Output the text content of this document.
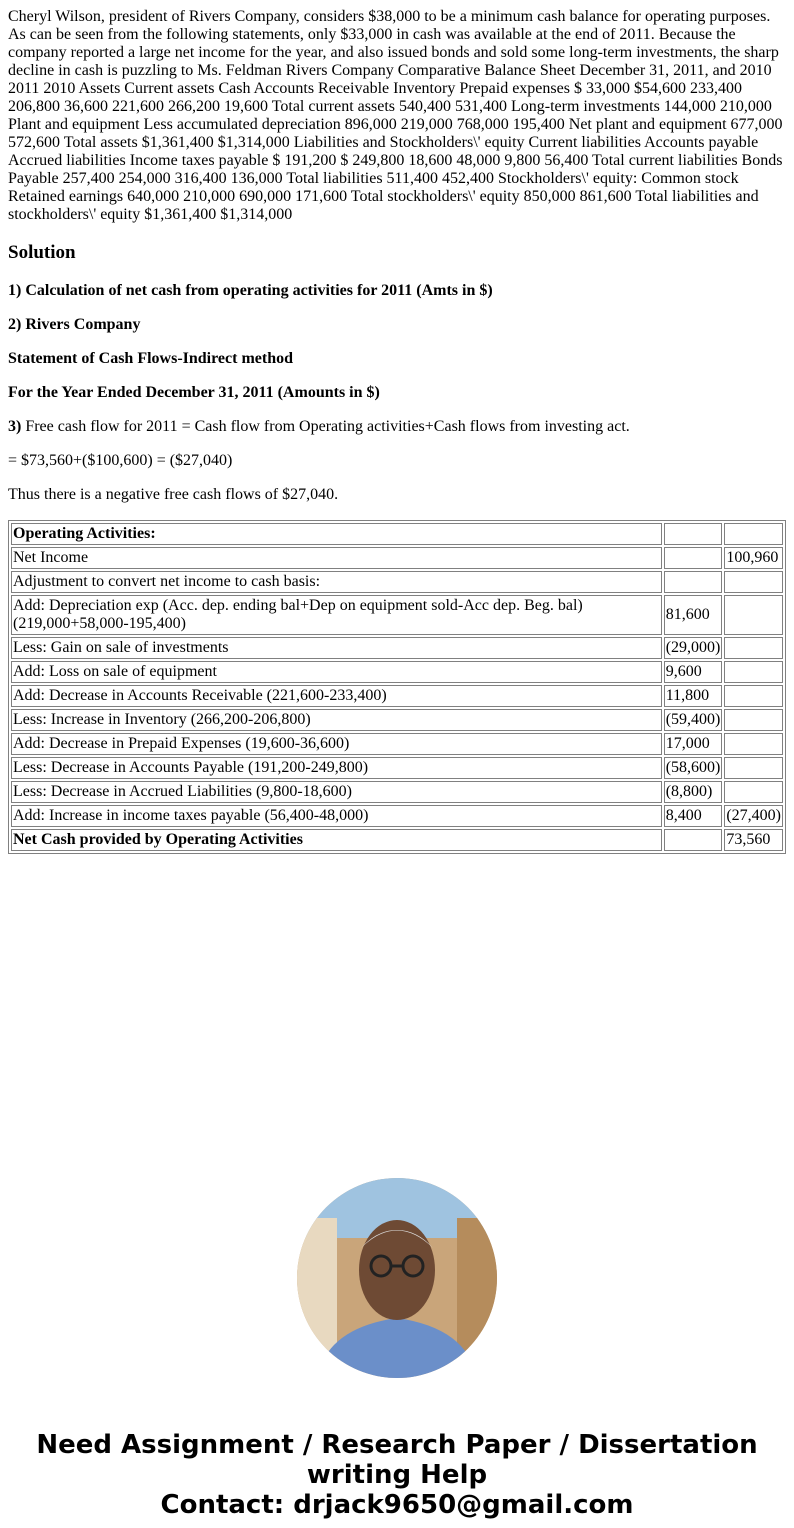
Cheryl Wilson, president of Rivers Company, considers $38,000 to be a minimum cash balance for operating purposes. As can be seen from the following statements, only $33,000 in cash was available at the end of 2011. Because the company reported a large net income for the year, and also issued bonds and sold some long-term investments, the sharp decline in cash is puzzling to Ms. Feldman Rivers Company Comparative Balance Sheet December 31, 2011, and 2010 2011 2010 Assets Current assets Cash Accounts Receivable Inventory Prepaid expenses $ 33,000 $54,600 233,400 206,800 36,600 221,600 266,200 19,600 Total current assets 540,400 531,400 Long-term investments 144,000 210,000 Plant and equipment Less accumulated depreciation 896,000 219,000 768,000 195,400 Net plant and equipment 677,000 572,600 Total assets $1,361,400 $1,314,000 Liabilities and Stockholders\' equity Current liabilities Accounts payable Accrued liabilities Income taxes payable $ 191,200 $ 249,800 18,600 48,000 9,800 56,400 Total current liabilities Bonds Payable 257,400 254,000 316,400 136,000 Total liabilities 511,400 452,400 Stockholders\' equity: Common stock Retained earnings 640,000 210,000 690,000 171,600 Total stockholders\' equity 850,000 861,600 Total liabilities and stockholders\' equity $1,361,400 $1,314,000

Solution
1) Calculation of net cash from operating activities for 2011 (Amts in $)
2) Rivers Company
Statement of Cash Flows-Indirect method
For the Year Ended December 31, 2011 (Amounts in $)

3) Free cash flow for 2011 = Cash flow from Operating activities+Cash flows from investing act.

= $73,560+($100,600) = ($27,040)

Thus there is a negative free cash flows of $27,040.

Operating Activities:		
Net Income		100,960
Adjustment to convert net income to cash basis:		
Add: Depreciation exp (Acc. dep. ending bal+Dep on equipment sold-Acc dep. Beg. bal) (219,000+58,000-195,400)	81,600	
Less: Gain on sale of investments	(29,000)	
Add: Loss on sale of equipment	9,600	
Add: Decrease in Accounts Receivable (221,600-233,400)	11,800	
Less: Increase in Inventory (266,200-206,800)	(59,400)	
Add: Decrease in Prepaid Expenses (19,600-36,600)	17,000	
Less: Decrease in Accounts Payable (191,200-249,800)	(58,600)	
Less: Decrease in Accrued Liabilities (9,800-18,600)	(8,800)	
Add: Increase in income taxes payable (56,400-48,000)	8,400	(27,400)
Net Cash provided by Operating Activities		73,560
Need Assignment / Research Paper / Dissertation writing Help
Contact: drjack9650@gmail.com
